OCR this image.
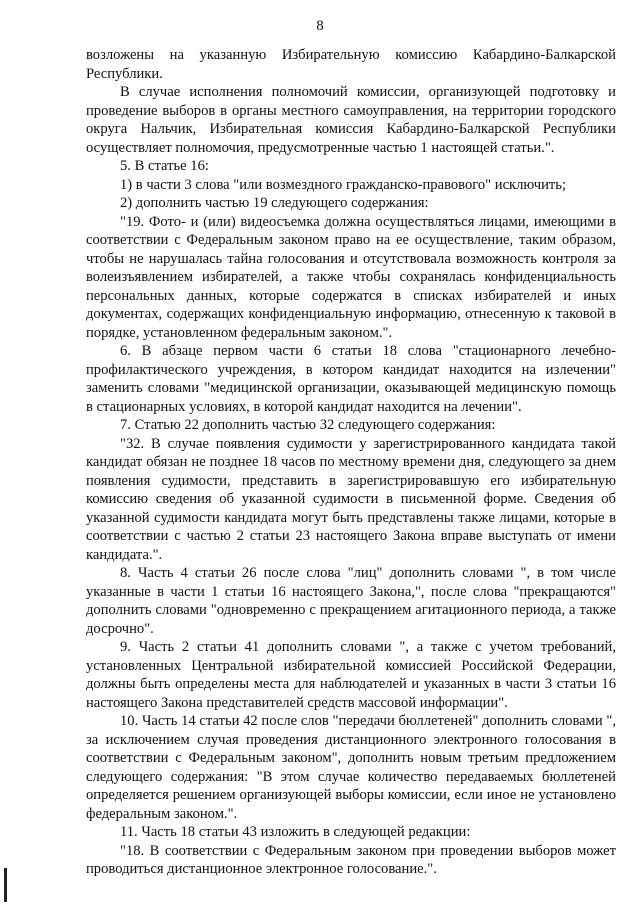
8

возложены на указанную Избирательную комиссию Кабардино-Балкарской Республики.

В случае исполнения полномочий комиссии, организующей подготовку и проведение выборов в органы местного самоуправления, на территории городского округа Нальчик, Избирательная комиссия Кабардино-Балкарской Республики осуществляет полномочия, предусмотренные частью 1 настоящей статьи.".

5. В статье 16:

1) в части 3 слова "или возмездного гражданско-правового" исключить;

2) дополнить частью 19 следующего содержания:

"19. Фото- и (или) видеосъемка должна осуществляться лицами, имеющими в соответствии с Федеральным законом право на ее осуществление, таким образом, чтобы не нарушалась тайна голосования и отсутствовала возможность контроля за волеизъявлением избирателей, а также чтобы сохранялась конфиденциальность персональных данных, которые содержатся в списках избирателей и иных документах, содержащих конфиденциальную информацию, отнесенную к таковой в порядке, установленном федеральным законом.".

6. В абзаце первом части 6 статьи 18 слова "стационарного лечебно-профилактического учреждения, в котором кандидат находится на излечении" заменить словами "медицинской организации, оказывающей медицинскую помощь в стационарных условиях, в которой кандидат находится на лечении".

7. Статью 22 дополнить частью 32 следующего содержания:

"32. В случае появления судимости у зарегистрированного кандидата такой кандидат обязан не позднее 18 часов по местному времени дня, следующего за днем появления судимости, представить в зарегистрировавшую его избирательную комиссию сведения об указанной судимости в письменной форме. Сведения об указанной судимости кандидата могут быть представлены также лицами, которые в соответствии с частью 2 статьи 23 настоящего Закона вправе выступать от имени кандидата.".

8. Часть 4 статьи 26 после слова "лиц" дополнить словами ", в том числе указанные в части 1 статьи 16 настоящего Закона,", после слова "прекращаются" дополнить словами "одновременно с прекращением агитационного периода, а также досрочно".

9. Часть 2 статьи 41 дополнить словами ", а также с учетом требований, установленных Центральной избирательной комиссией Российской Федерации, должны быть определены места для наблюдателей и указанных в части 3 статьи 16 настоящего Закона представителей средств массовой информации".

10. Часть 14 статьи 42 после слов "передачи бюллетеней" дополнить словами ", за исключением случая проведения дистанционного электронного голосования в соответствии с Федеральным законом", дополнить новым третьим предложением следующего содержания: "В этом случае количество передаваемых бюллетеней определяется решением организующей выборы комиссии, если иное не установлено федеральным законом.".

11. Часть 18 статьи 43 изложить в следующей редакции:

"18. В соответствии с Федеральным законом при проведении выборов может проводиться дистанционное электронное голосование.".
